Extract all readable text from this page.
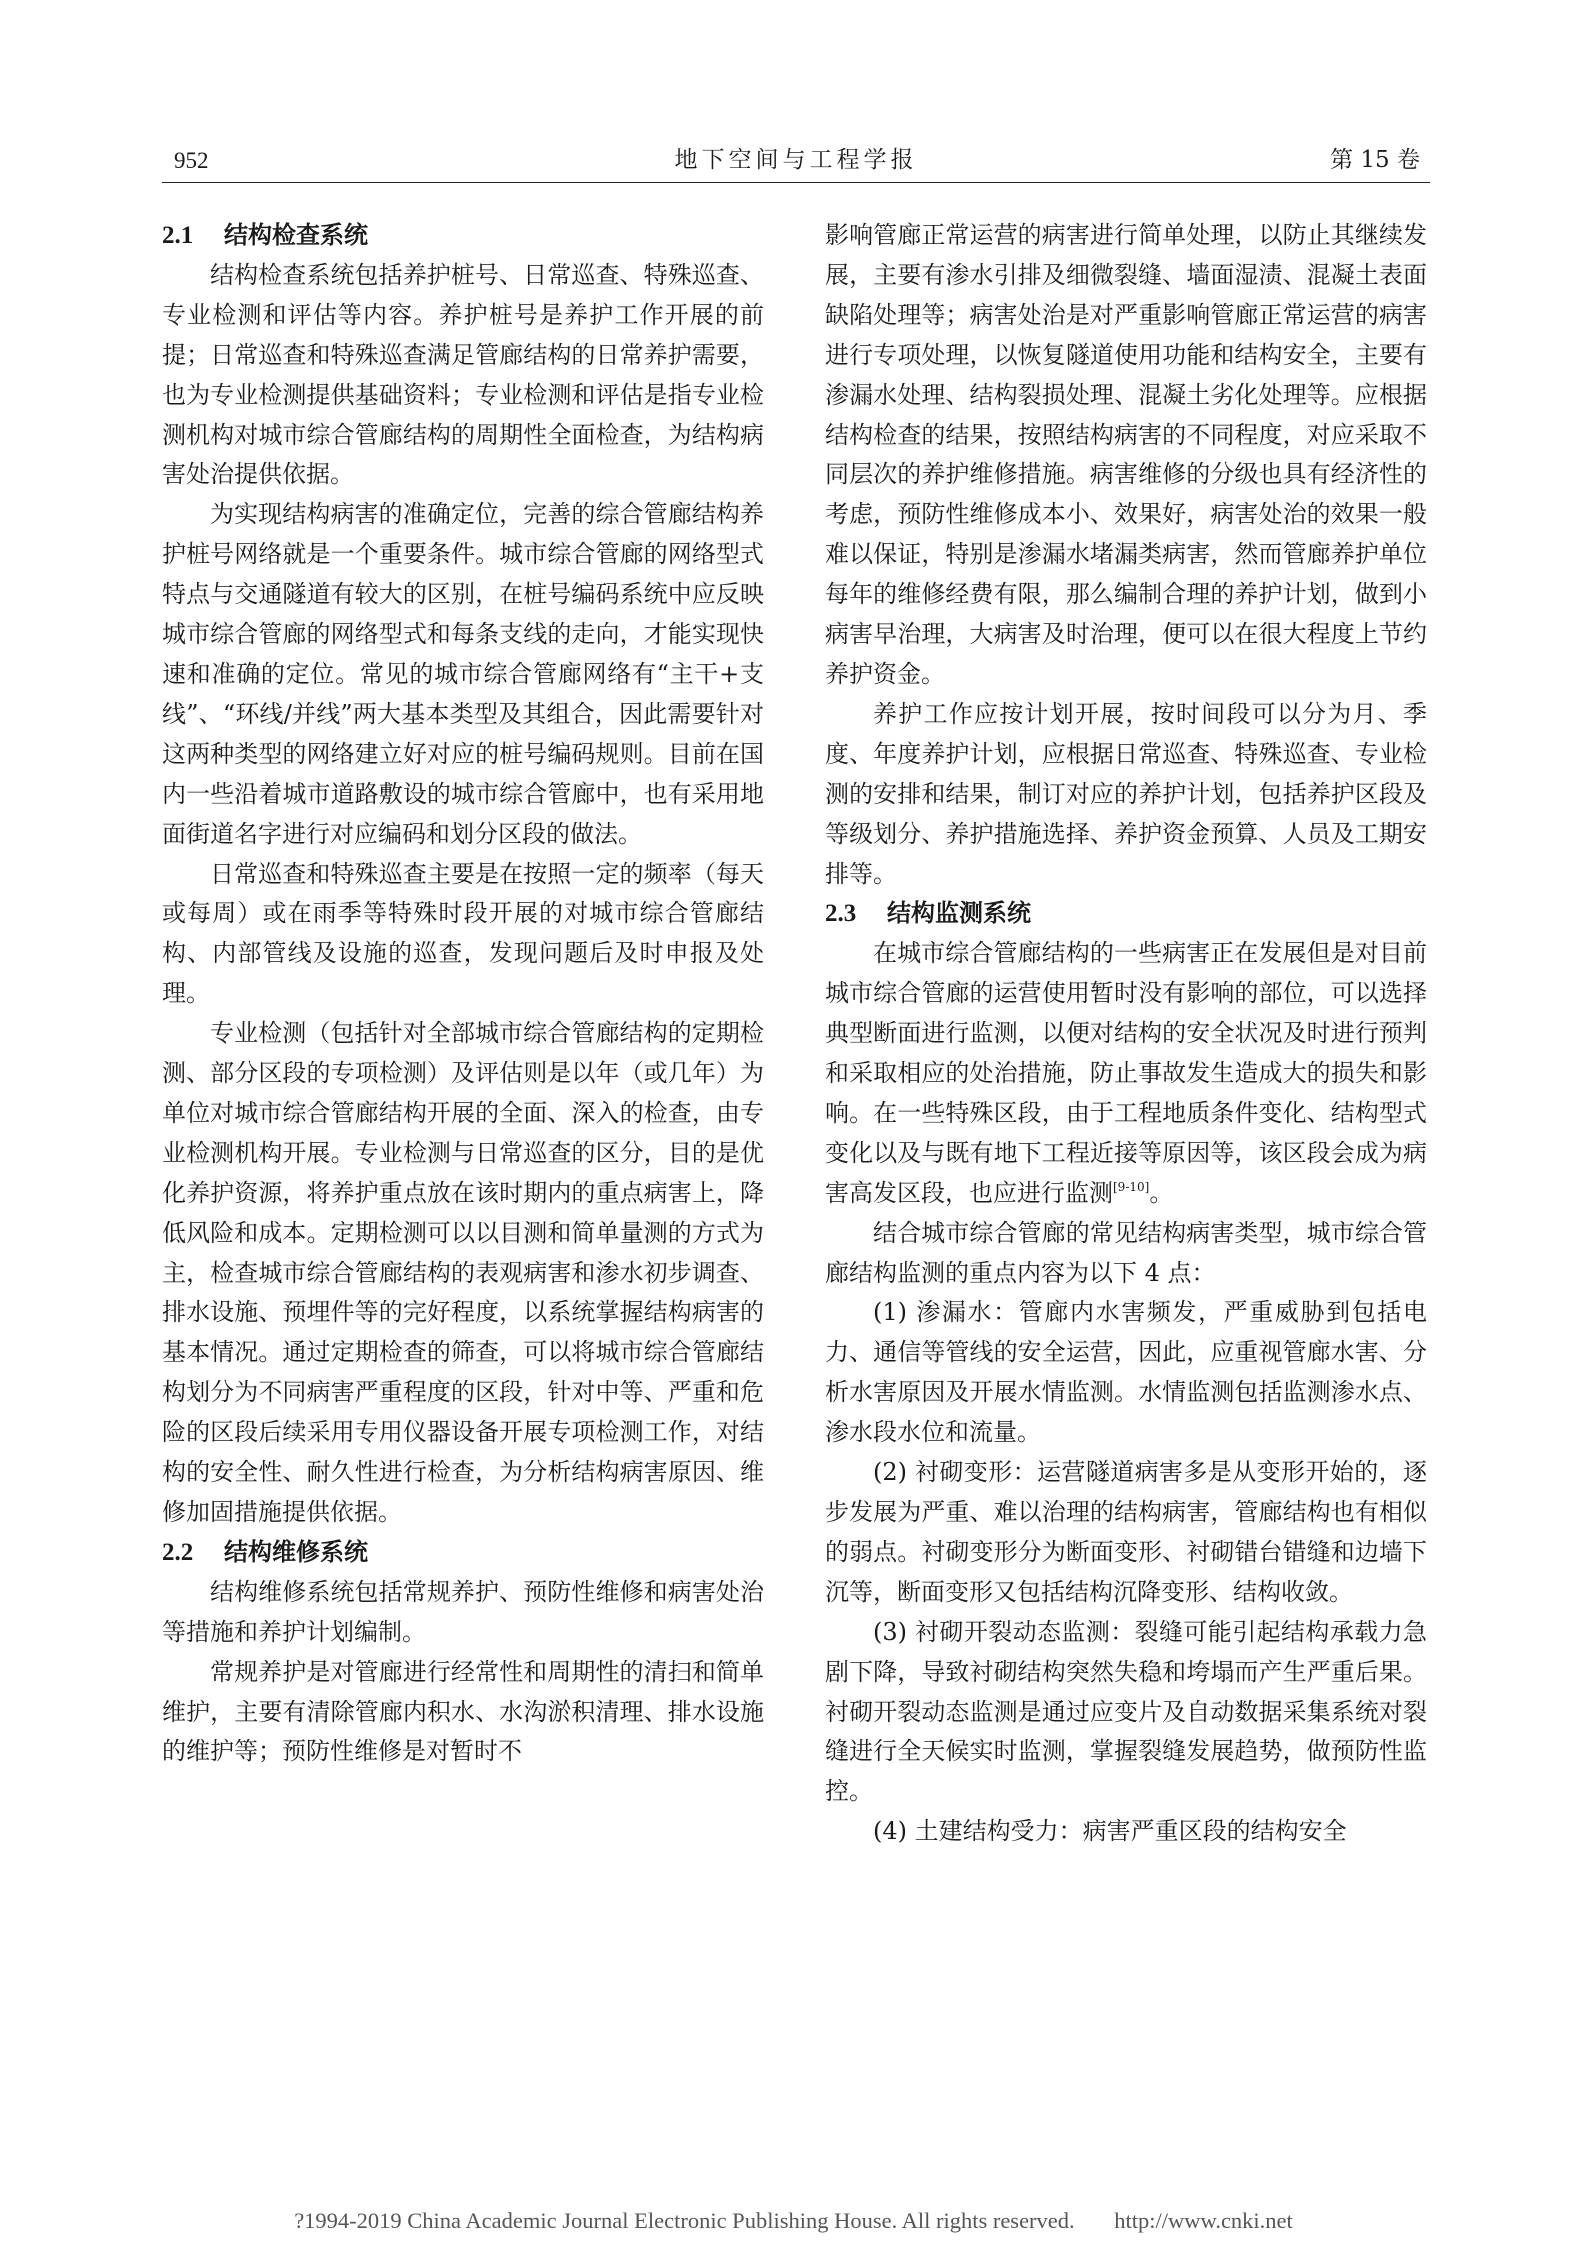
952	地下空间与工程学报	第 15 卷
2.1 结构检查系统

结构检查系统包括养护桩号、日常巡查、特殊巡查、专业检测和评估等内容。养护桩号是养护工作开展的前提；日常巡查和特殊巡查满足管廊结构的日常养护需要，也为专业检测提供基础资料；专业检测和评估是指专业检测机构对城市综合管廊结构的周期性全面检查，为结构病害处治提供依据。

为实现结构病害的准确定位，完善的综合管廊结构养护桩号网络就是一个重要条件。城市综合管廊的网络型式特点与交通隧道有较大的区别，在桩号编码系统中应反映城市综合管廊的网络型式和每条支线的走向，才能实现快速和准确的定位。常见的城市综合管廊网络有“主干+支线”、“环线/并线”两大基本类型及其组合，因此需要针对这两种类型的网络建立好对应的桩号编码规则。目前在国内一些沿着城市道路敷设的城市综合管廊中，也有采用地面街道名字进行对应编码和划分区段的做法。

日常巡查和特殊巡查主要是在按照一定的频率（每天或每周）或在雨季等特殊时段开展的对城市综合管廊结构、内部管线及设施的巡查，发现问题后及时申报及处理。

专业检测（包括针对全部城市综合管廊结构的定期检测、部分区段的专项检测）及评估则是以年（或几年）为单位对城市综合管廊结构开展的全面、深入的检查，由专业检测机构开展。专业检测与日常巡查的区分，目的是优化养护资源，将养护重点放在该时期内的重点病害上，降低风险和成本。定期检测可以以目测和简单量测的方式为主，检查城市综合管廊结构的表观病害和渗水初步调查、排水设施、预埋件等的完好程度，以系统掌握结构病害的基本情况。通过定期检查的筛查，可以将城市综合管廊结构划分为不同病害严重程度的区段，针对中等、严重和危险的区段后续采用专用仪器设备开展专项检测工作，对结构的安全性、耐久性进行检查，为分析结构病害原因、维修加固措施提供依据。

2.2 结构维修系统

结构维修系统包括常规养护、预防性维修和病害处治等措施和养护计划编制。

常规养护是对管廊进行经常性和周期性的清扫和简单维护，主要有清除管廊内积水、水沟淤积清理、排水设施的维护等；预防性维修是对暂时不

影响管廊正常运营的病害进行简单处理，以防止其继续发展，主要有渗水引排及细微裂缝、墙面湿渍、混凝土表面缺陷处理等；病害处治是对严重影响管廊正常运营的病害进行专项处理，以恢复隧道使用功能和结构安全，主要有渗漏水处理、结构裂损处理、混凝土劣化处理等。应根据结构检查的结果，按照结构病害的不同程度，对应采取不同层次的养护维修措施。病害维修的分级也具有经济性的考虑，预防性维修成本小、效果好，病害处治的效果一般难以保证，特别是渗漏水堵漏类病害，然而管廊养护单位每年的维修经费有限，那么编制合理的养护计划，做到小病害早治理，大病害及时治理，便可以在很大程度上节约养护资金。

养护工作应按计划开展，按时间段可以分为月、季度、年度养护计划，应根据日常巡查、特殊巡查、专业检测的安排和结果，制订对应的养护计划，包括养护区段及等级划分、养护措施选择、养护资金预算、人员及工期安排等。

2.3 结构监测系统

在城市综合管廊结构的一些病害正在发展但是对目前城市综合管廊的运营使用暂时没有影响的部位，可以选择典型断面进行监测，以便对结构的安全状况及时进行预判和采取相应的处治措施，防止事故发生造成大的损失和影响。在一些特殊区段，由于工程地质条件变化、结构型式变化以及与既有地下工程近接等原因等，该区段会成为病害高发区段，也应进行监测[9-10]。

结合城市综合管廊的常见结构病害类型，城市综合管廊结构监测的重点内容为以下 4 点：

(1) 渗漏水：管廊内水害频发，严重威胁到包括电力、通信等管线的安全运营，因此，应重视管廊水害、分析水害原因及开展水情监测。水情监测包括监测渗水点、渗水段水位和流量。

(2) 衬砌变形：运营隧道病害多是从变形开始的，逐步发展为严重、难以治理的结构病害，管廊结构也有相似的弱点。衬砌变形分为断面变形、衬砌错台错缝和边墙下沉等，断面变形又包括结构沉降变形、结构收敛。

(3) 衬砌开裂动态监测：裂缝可能引起结构承载力急剧下降，导致衬砌结构突然失稳和垮塌而产生严重后果。衬砌开裂动态监测是通过应变片及自动数据采集系统对裂缝进行全天候实时监测，掌握裂缝发展趋势，做预防性监控。

(4) 土建结构受力：病害严重区段的结构安全

?1994-2019 China Academic Journal Electronic Publishing House. All rights reserved. http://www.cnki.net
